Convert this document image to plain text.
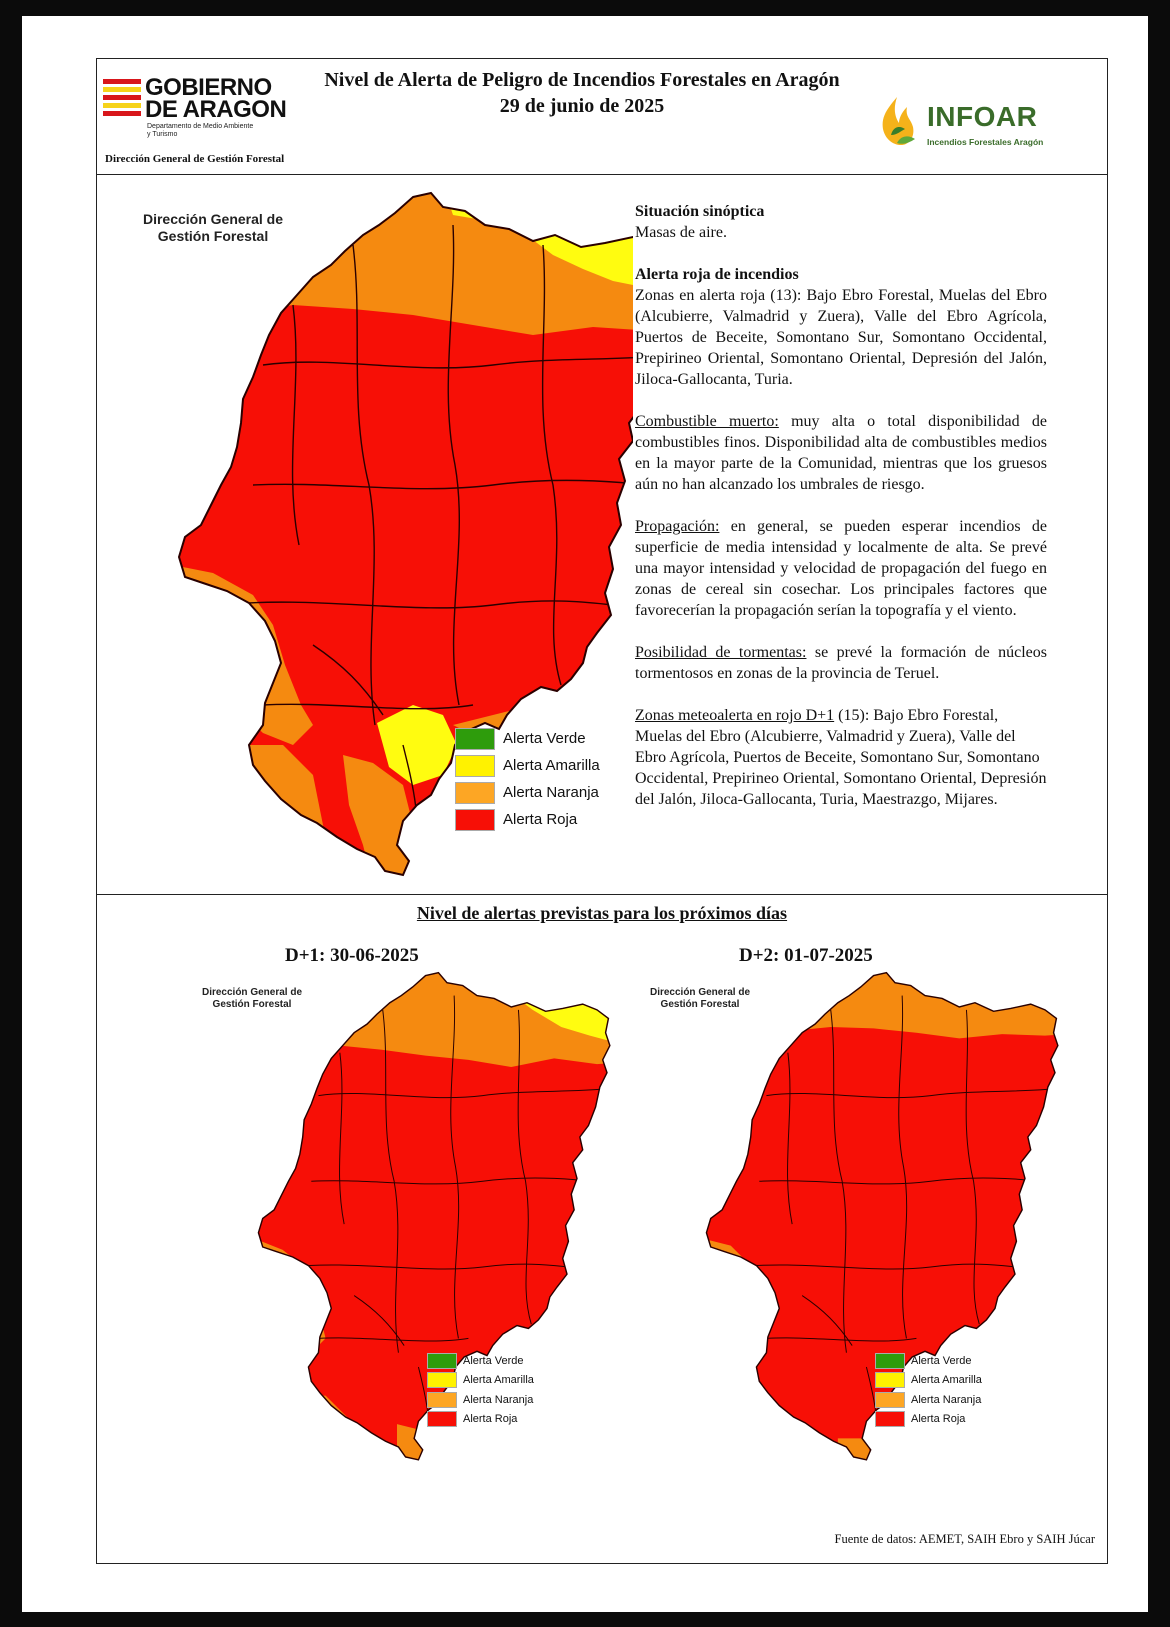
GOBIERNO
DE ARAGON
Departamento de Medio Ambiente
y Turismo
Dirección General de Gestión Forestal
Nivel de Alerta de Peligro de Incendios Forestales en Aragón
29 de junio de 2025	INFOAR
Incendios Forestales Aragón
Dirección General de
Gestión Forestal
Alerta Verde
Alerta Amarilla
Alerta Naranja
Alerta Roja

Situación sinóptica
Masas de aire.

Alerta roja de incendios
Zonas en alerta roja (13): Bajo Ebro Forestal, Muelas del Ebro (Alcubierre, Valmadrid y Zuera), Valle del Ebro Agrícola, Puertos de Beceite, Somontano Sur, Somontano Occidental, Prepirineo Oriental, Somontano Oriental, Depresión del Jalón, Jiloca-Gallocanta, Turia.

Combustible muerto: muy alta o total disponibilidad de combustibles finos. Disponibilidad alta de combustibles medios en la mayor parte de la Comunidad, mientras que los gruesos aún no han alcanzado los umbrales de riesgo.

Propagación: en general, se pueden esperar incendios de superficie de media intensidad y localmente de alta. Se prevé una mayor intensidad y velocidad de propagación del fuego en zonas de cereal sin cosechar. Los principales factores que favorecerían la propagación serían la topografía y el viento.

Posibilidad de tormentas: se prevé la formación de núcleos tormentosos en zonas de la provincia de Teruel.

Zonas meteoalerta en rojo D+1 (15): Bajo Ebro Forestal, Muelas del Ebro (Alcubierre, Valmadrid y Zuera), Valle del Ebro Agrícola, Puertos de Beceite, Somontano Sur, Somontano Occidental, Prepirineo Oriental, Somontano Oriental, Depresión del Jalón, Jiloca-Gallocanta, Turia, Maestrazgo, Mijares.

Nivel de alertas previstas para los próximos días
D+1: 30-06-2025	D+2: 01-07-2025
Dirección General de
Gestión Forestal
Alerta Verde
Alerta Amarilla
Alerta Naranja
Alerta Roja
Dirección General de
Gestión Forestal
Alerta Verde
Alerta Amarilla
Alerta Naranja
Alerta Roja
Fuente de datos: AEMET, SAIH Ebro y SAIH Júcar
